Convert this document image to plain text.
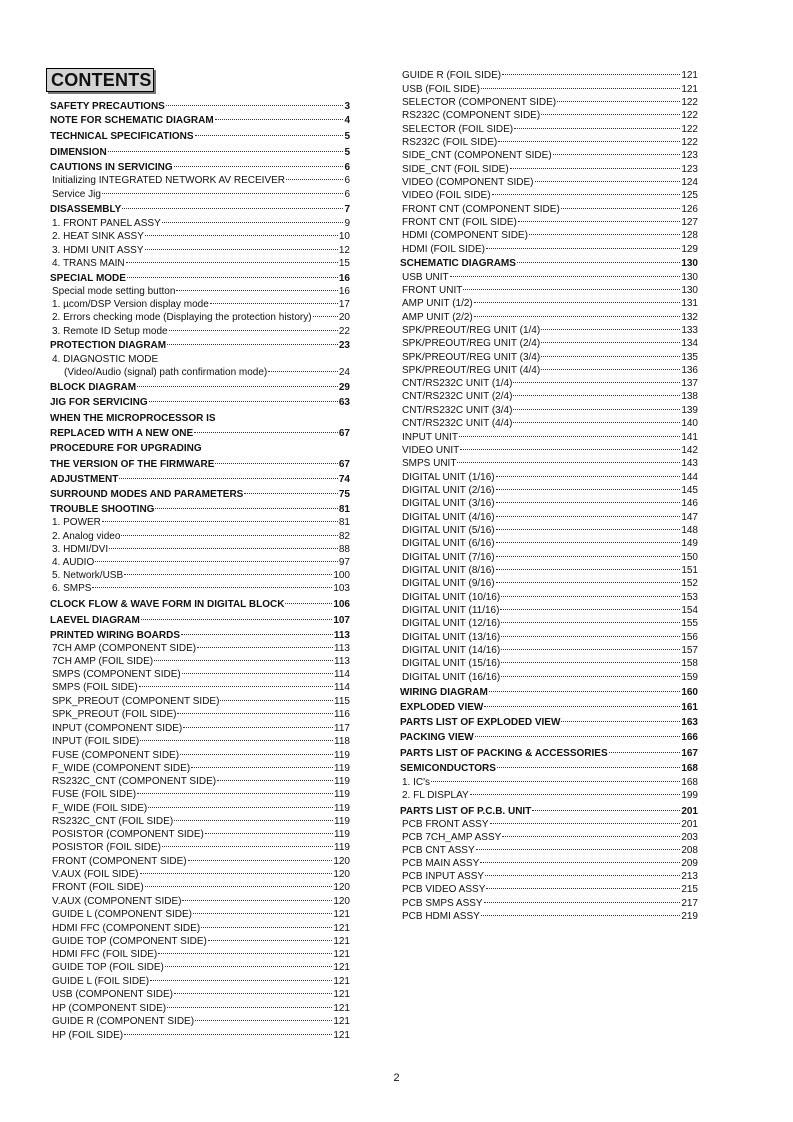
CONTENTS
SAFETY PRECAUTIONS	3
NOTE FOR SCHEMATIC DIAGRAM	4
TECHNICAL SPECIFICATIONS	5
DIMENSION	5
CAUTIONS IN SERVICING	6
Initializing INTEGRATED NETWORK AV RECEIVER	6
Service Jig	6
DISASSEMBLY	7
1. FRONT PANEL ASSY	9
2. HEAT SINK ASSY	10
3. HDMI UNIT ASSY	12
4. TRANS MAIN	15
SPECIAL MODE	16
Special mode setting button	16
1. µcom/DSP Version display mode	17
2. Errors checking mode (Displaying the protection history)	20
3. Remote ID Setup mode	22
PROTECTION DIAGRAM	23
4. DIAGNOSTIC MODE
(Video/Audio (signal) path confirmation mode)	24
BLOCK DIAGRAM	29
JIG FOR SERVICING	63
WHEN THE MICROPROCESSOR IS
REPLACED WITH A NEW ONE	67
PROCEDURE FOR UPGRADING
THE VERSION OF THE FIRMWARE	67
ADJUSTMENT	74
SURROUND MODES AND PARAMETERS	75
TROUBLE SHOOTING	81
1. POWER	81
2. Analog video	82
3. HDMI/DVI	88
4. AUDIO	97
5. Network/USB	100
6. SMPS	103
CLOCK FLOW & WAVE FORM IN DIGITAL BLOCK	106
LAEVEL DIAGRAM	107
PRINTED WIRING BOARDS	113
7CH AMP (COMPONENT SIDE)	113
7CH AMP (FOIL SIDE)	113
SMPS (COMPONENT SIDE)	114
SMPS (FOIL SIDE)	114
SPK_PREOUT (COMPONENT SIDE)	115
SPK_PREOUT (FOIL SIDE)	116
INPUT (COMPONENT SIDE)	117
INPUT (FOIL SIDE)	118
FUSE (COMPONENT SIDE)	119
F_WIDE (COMPONENT SIDE)	119
RS232C_CNT (COMPONENT SIDE)	119
FUSE (FOIL SIDE)	119
F_WIDE (FOIL SIDE)	119
RS232C_CNT (FOIL SIDE)	119
POSISTOR (COMPONENT SIDE)	119
POSISTOR (FOIL SIDE)	119
FRONT (COMPONENT SIDE)	120
V.AUX (FOIL SIDE)	120
FRONT (FOIL SIDE)	120
V.AUX (COMPONENT SIDE)	120
GUIDE L (COMPONENT SIDE)	121
HDMI FFC (COMPONENT SIDE)	121
GUIDE TOP (COMPONENT SIDE)	121
HDMI FFC (FOIL SIDE)	121
GUIDE TOP (FOIL SIDE)	121
GUIDE L (FOIL SIDE)	121
USB (COMPONENT SIDE)	121
HP (COMPONENT SIDE)	121
GUIDE R (COMPONENT SIDE)	121
HP (FOIL SIDE)	121
GUIDE R (FOIL SIDE)	121
USB (FOIL SIDE)	121
SELECTOR (COMPONENT SIDE)	122
RS232C (COMPONENT SIDE)	122
SELECTOR (FOIL SIDE)	122
RS232C (FOIL SIDE)	122
SIDE_CNT (COMPONENT SIDE)	123
SIDE_CNT (FOIL SIDE)	123
VIDEO (COMPONENT SIDE)	124
VIDEO (FOIL SIDE)	125
FRONT CNT (COMPONENT SIDE)	126
FRONT CNT (FOIL SIDE)	127
HDMI (COMPONENT SIDE)	128
HDMI (FOIL SIDE)	129
SCHEMATIC DIAGRAMS	130
USB UNIT	130
FRONT UNIT	130
AMP UNIT (1/2)	131
AMP UNIT (2/2)	132
SPK/PREOUT/REG UNIT (1/4)	133
SPK/PREOUT/REG UNIT (2/4)	134
SPK/PREOUT/REG UNIT (3/4)	135
SPK/PREOUT/REG UNIT (4/4)	136
CNT/RS232C UNIT (1/4)	137
CNT/RS232C UNIT (2/4)	138
CNT/RS232C UNIT (3/4)	139
CNT/RS232C UNIT (4/4)	140
INPUT UNIT	141
VIDEO UNIT	142
SMPS UNIT	143
DIGITAL UNIT (1/16)	144
DIGITAL UNIT (2/16)	145
DIGITAL UNIT (3/16)	146
DIGITAL UNIT (4/16)	147
DIGITAL UNIT (5/16)	148
DIGITAL UNIT (6/16)	149
DIGITAL UNIT (7/16)	150
DIGITAL UNIT (8/16)	151
DIGITAL UNIT (9/16)	152
DIGITAL UNIT (10/16)	153
DIGITAL UNIT (11/16)	154
DIGITAL UNIT (12/16)	155
DIGITAL UNIT (13/16)	156
DIGITAL UNIT (14/16)	157
DIGITAL UNIT (15/16)	158
DIGITAL UNIT (16/16)	159
WIRING DIAGRAM	160
EXPLODED VIEW	161
PARTS LIST OF EXPLODED VIEW	163
PACKING VIEW	166
PARTS LIST OF PACKING & ACCESSORIES	167
SEMICONDUCTORS	168
1. IC's	168
2. FL DISPLAY	199
PARTS LIST OF P.C.B. UNIT	201
PCB FRONT ASSY	201
PCB 7CH_AMP ASSY	203
PCB CNT ASSY	208
PCB MAIN ASSY	209
PCB INPUT ASSY	213
PCB VIDEO ASSY	215
PCB SMPS ASSY	217
PCB HDMI ASSY	219
2
